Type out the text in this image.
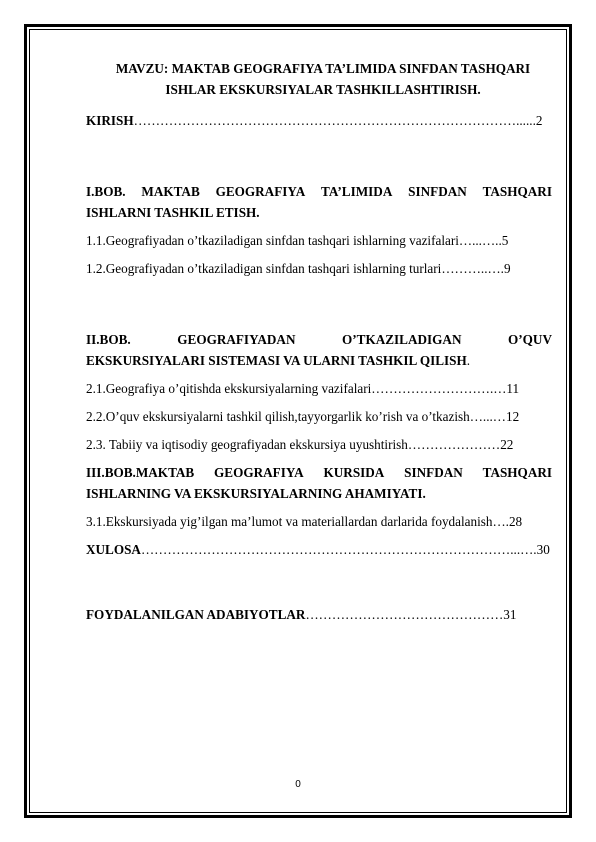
MAVZU: MAKTAB GEOGRAFIYA TA’LIMIDA SINFDAN TASHQARI
ISHLAR EKSKURSIYALAR TASHKILLASHTIRISH.
KIRISH……………………………………………………………………………......2
I.BOB. MAKTAB GEOGRAFIYA TA’LIMIDA SINFDAN TASHQARI
ISHLARNI TASHKIL ETISH.
1.1.Geografiyadan o’tkaziladigan sinfdan tashqari ishlarning vazifalari…...…..5
1.2.Geografiyadan o’tkaziladigan sinfdan tashqari ishlarning turlari………..….9
II.BOB.	GEOGRAFIYADAN	O’TKAZILADIGAN	O’QUV
EKSKURSIYALARI SISTEMASI VA ULARNI TASHKIL QILISH.
2.1.Geografiya o’qitishda ekskursiyalarning vazifalari……………………….…11
2.2.O’quv ekskursiyalarni tashkil qilish,tayyorgarlik ko’rish va o’tkazish…...…12
2.3. Tabiiy va iqtisodiy geografiyadan ekskursiya uyushtirish…………………22
III.BOB.MAKTAB GEOGRAFIYA KURSIDA SINFDAN TASHQARI
ISHLARNING VA EKSKURSIYALARNING AHAMIYATI.
3.1.Ekskursiyada yig’ilgan ma’lumot va materiallardan darlarida foydalanish….28
XULOSA…………………………………………………………………………...….30
FOYDALANILGAN ADABIYOTLAR………………………………………31
0
